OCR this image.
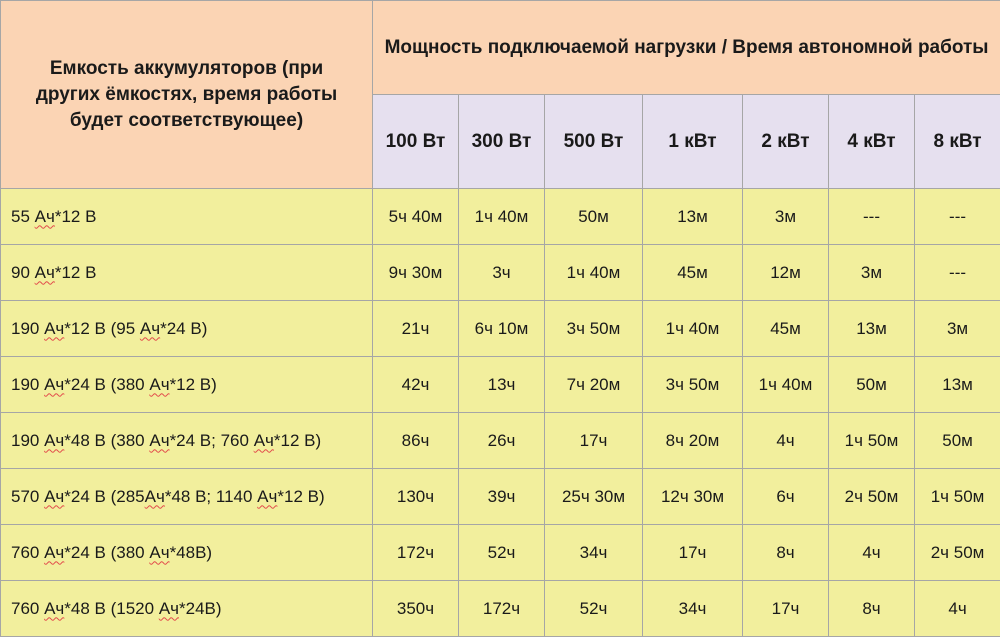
Емкость аккумуляторов (при других ёмкостях, время работы будет соответствующее)	Мощность подключаемой нагрузки / Время автономной работы						
	100 Вт	300 Вт	500 Вт	1 кВт	2 кВт	4 кВт	8 кВт
55 Ач*12 В	5ч 40м	1ч 40м	50м	13м	3м	---	---
90 Ач*12 В	9ч 30м	3ч	1ч 40м	45м	12м	3м	---
190 Ач*12 В (95 Ач*24 В)	21ч	6ч 10м	3ч 50м	1ч 40м	45м	13м	3м
190 Ач*24 В (380 Ач*12 В)	42ч	13ч	7ч 20м	3ч 50м	1ч 40м	50м	13м
190 Ач*48 В (380 Ач*24 В; 760 Ач*12 В)	86ч	26ч	17ч	8ч 20м	4ч	1ч 50м	50м
570 Ач*24 В (285Ач*48 В; 1140 Ач*12 В)	130ч	39ч	25ч 30м	12ч 30м	6ч	2ч 50м	1ч 50м
760 Ач*24 В (380 Ач*48В)	172ч	52ч	34ч	17ч	8ч	4ч	2ч 50м
760 Ач*48 В (1520 Ач*24В)	350ч	172ч	52ч	34ч	17ч	8ч	4ч
